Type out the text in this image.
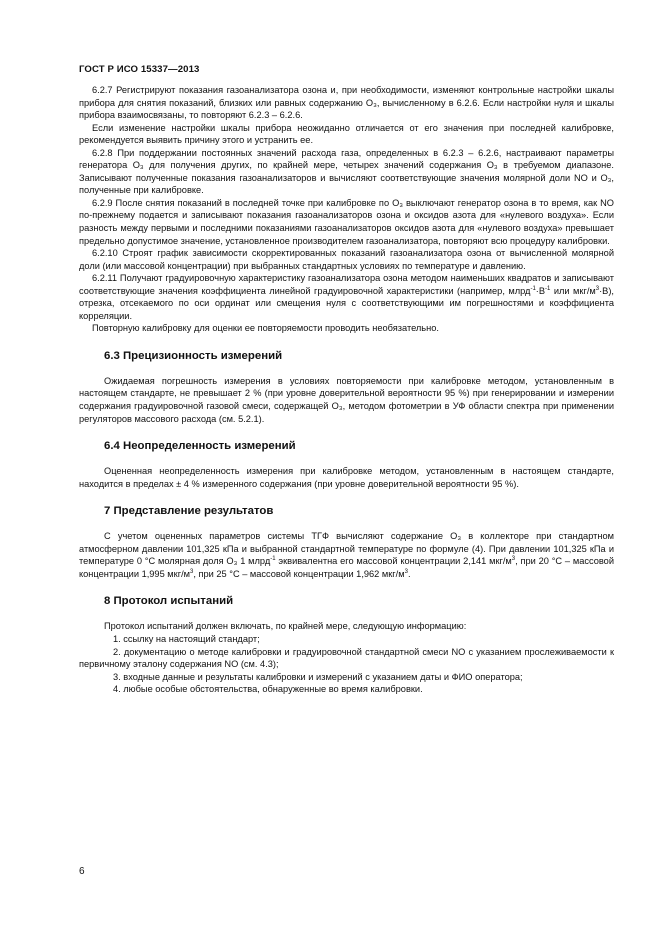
ГОСТ Р ИСО 15337—2013

6.2.7 Регистрируют показания газоанализатора озона и, при необходимости, изменяют контрольные настройки шкалы прибора для снятия показаний, близких или равных содержанию O₃, вычисленному в 6.2.6. Если настройки нуля и шкалы прибора взаимосвязаны, то повторяют 6.2.3 – 6.2.6.

Если изменение настройки шкалы прибора неожиданно отличается от его значения при последней калибровке, рекомендуется выявить причину этого и устранить ее.

6.2.8 При поддержании постоянных значений расхода газа, определенных в 6.2.3 – 6.2.6, настраивают параметры генератора O₃ для получения других, по крайней мере, четырех значений содержания O₃ в требуемом диапазоне. Записывают полученные показания газоанализаторов и вычисляют соответствующие значения молярной доли NO и O₃, полученные при калибровке.

6.2.9 После снятия показаний в последней точке при калибровке по O₃ выключают генератор озона в то время, как NO по-прежнему подается и записывают показания газоанализаторов озона и оксидов азота для «нулевого воздуха». Если разность между первыми и последними показаниями газоанализаторов оксидов азота для «нулевого воздуха» превышает предельно допустимое значение, установленное производителем газоанализатора, повторяют всю процедуру калибровки.

6.2.10 Строят график зависимости скорректированных показаний газоанализатора озона от вычисленной молярной доли (или массовой концентрации) при выбранных стандартных условиях по температуре и давлению.

6.2.11 Получают градуировочную характеристику газоанализатора озона методом наименьших квадратов и записывают соответствующие значения коэффициента линейной градуировочной характеристики (например, $млрд^{-1}\cdot В^{-1}$ или мкг/$м^3\cdot В$), отрезка, отсекаемого по оси ординат или смещения нуля с соответствующими им погрешностями и коэффициента корреляции.

Повторную калибровку для оценки ее повторяемости проводить необязательно.

6.3 Прецизионность измерений

Ожидаемая погрешность измерения в условиях повторяемости при калибровке методом, установленным в настоящем стандарте, не превышает 2 % (при уровне доверительной вероятности 95 %) при генерировании и измерении содержания градуировочной газовой смеси, содержащей O₃, методом фотометрии в УФ области спектра при применении регуляторов массового расхода (см. 5.2.1).

6.4 Неопределенность измерений

Оцененная неопределенность измерения при калибровке методом, установленным в настоящем стандарте, находится в пределах ± 4 % измеренного содержания (при уровне доверительной вероятности 95 %).

7 Представление результатов

С учетом оцененных параметров системы ТГФ вычисляют содержание O₃ в коллекторе при стандартном атмосферном давлении 101,325 кПа и выбранной стандартной температуре по формуле (4). При давлении 101,325 кПа и температуре 0 °С молярная доля O₃ 1 млрд$^{-1}$ эквивалентна его массовой концентрации 2,141 мкг/$м^3$, при 20 °С – массовой концентрации 1,995 мкг/$м^3$, при 25 °С – массовой концентрации 1,962 мкг/$м^3$.

8 Протокол испытаний

Протокол испытаний должен включать, по крайней мере, следующую информацию:

1. ссылку на настоящий стандарт;

2. документацию о методе калибровки и градуировочной стандартной смеси NO с указанием прослеживаемости к первичному эталону содержания NO (см. 4.3);

3. входные данные и результаты калибровки и измерений с указанием даты и ФИО оператора;

4. любые особые обстоятельства, обнаруженные во время калибровки.

6
